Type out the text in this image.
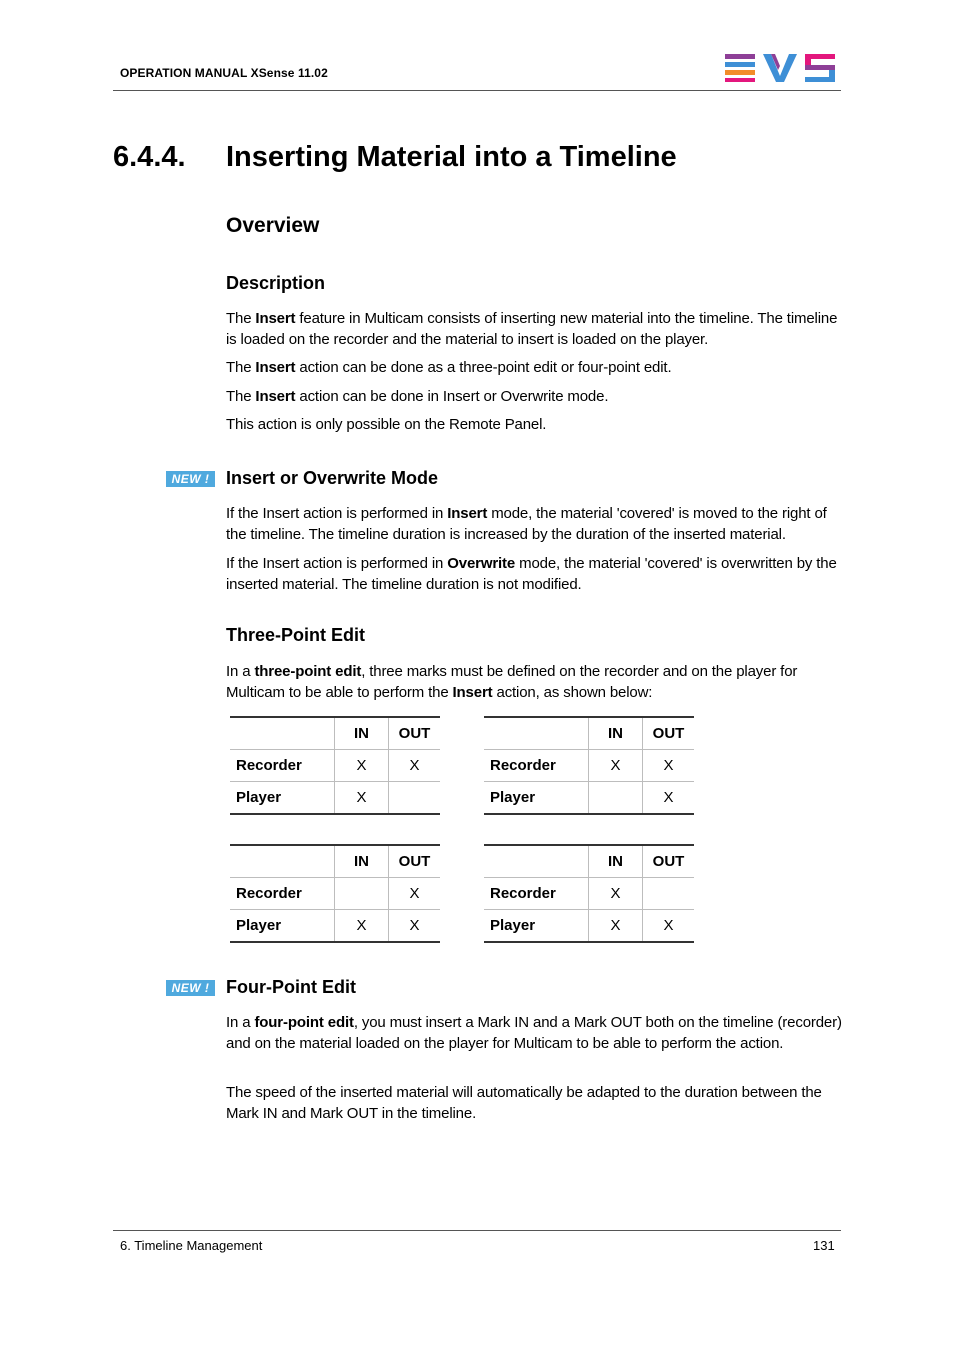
OPERATION MANUAL XSense 11.02
6.4.4. Inserting Material into a Timeline
Overview
Description
The Insert feature in Multicam consists of inserting new material into the timeline. The timeline is loaded on the recorder and the material to insert is loaded on the player.
The Insert action can be done as a three-point edit or four-point edit.
The Insert action can be done in Insert or Overwrite mode.
This action is only possible on the Remote Panel.
NEW ! Insert or Overwrite Mode
If the Insert action is performed in Insert mode, the material 'covered' is moved to the right of the timeline. The timeline duration is increased by the duration of the inserted material.
If the Insert action is performed in Overwrite mode, the material 'covered' is overwritten by the inserted material. The timeline duration is not modified.
Three-Point Edit
In a three-point edit, three marks must be defined on the recorder and on the player for Multicam to be able to perform the Insert action, as shown below:
	IN	OUT
Recorder	X	X
Player	X	
	IN	OUT
Recorder	X	X
Player		X
	IN	OUT
Recorder		X
Player	X	X
	IN	OUT
Recorder	X	
Player	X	X
NEW ! Four-Point Edit
In a four-point edit, you must insert a Mark IN and a Mark OUT both on the timeline (recorder) and on the material loaded on the player for Multicam to be able to perform the action.
The speed of the inserted material will automatically be adapted to the duration between the Mark IN and Mark OUT in the timeline.
6. Timeline Management	131
